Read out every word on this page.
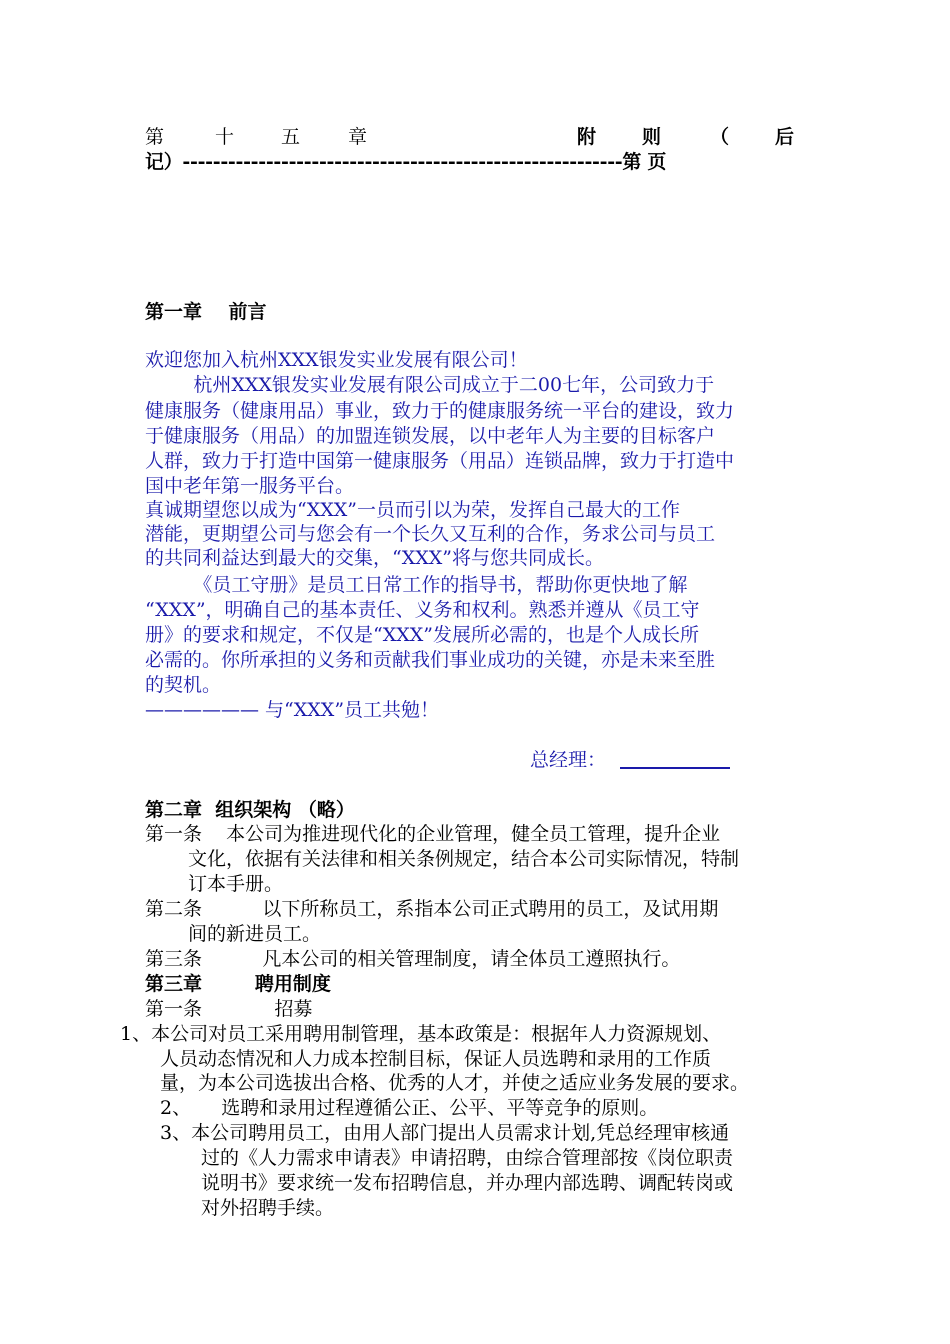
第	十 五	章	附 则	（ 后
记）----------------------------------------------------------第 页
第一章    前言
欢迎您加入杭州XXX银发实业发展有限公司！
杭州XXX银发实业发展有限公司成立于二00七年，公司致力于
健康服务（健康用品）事业，致力于的健康服务统一平台的建设，致力
于健康服务（用品）的加盟连锁发展，以中老年人为主要的目标客户
人群，致力于打造中国第一健康服务（用品）连锁品牌，致力于打造中
国中老年第一服务平台。
真诚期望您以成为“XXX”一员而引以为荣，发挥自己最大的工作
潜能，更期望公司与您会有一个长久又互利的合作，务求公司与员工
的共同利益达到最大的交集，“XXX”将与您共同成长。
《员工守册》是员工日常工作的指导书，帮助你更快地了解
“XXX”，明确自己的基本责任、义务和权利。熟悉并遵从《员工守
册》的要求和规定，不仅是“XXX”发展所必需的，也是个人成长所
必需的。你所承担的义务和贡献我们事业成功的关键，亦是未来至胜
的契机。
—————— 与“XXX”员工共勉！
总经理：
第二章  组织架构 （略）
第一条    本公司为推进现代化的企业管理，健全员工管理，提升企业
文化，依据有关法律和相关条例规定，结合本公司实际情况，特制
订本手册。
第二条          以下所称员工，系指本公司正式聘用的员工，及试用期
间的新进员工。
第三条          凡本公司的相关管理制度，请全体员工遵照执行。
第三章        聘用制度
第一条            招募
1、本公司对员工采用聘用制管理，基本政策是：根据年人力资源规划、
人员动态情况和人力成本控制目标，保证人员选聘和录用的工作质
量，为本公司选拔出合格、优秀的人才，并使之适应业务发展的要求。
2、     选聘和录用过程遵循公正、公平、平等竞争的原则。
3、本公司聘用员工，由用人部门提出人员需求计划,凭总经理审核通
过的《人力需求申请表》申请招聘，由综合管理部按《岗位职责
说明书》要求统一发布招聘信息，并办理内部选聘、调配转岗或
对外招聘手续。
